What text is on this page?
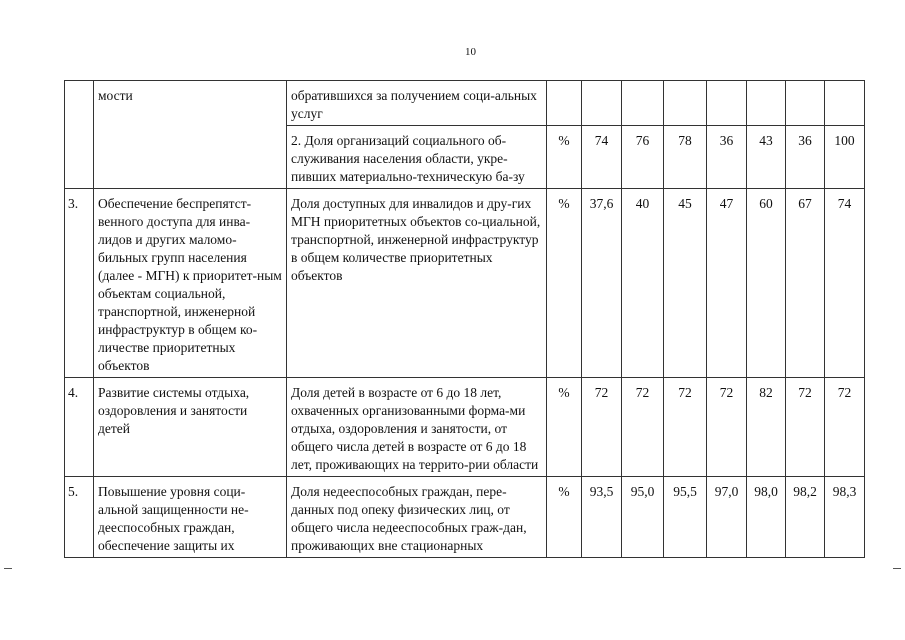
10
	мости	обратившихся за получением соци-альных услуг								
		2. Доля организаций социального об-служивания населения области, укре-пивших материально-техническую ба-зу	%	74	76	78	36	43	36	100
3.	Обеспечение беспрепятст-венного доступа для инва-лидов и других маломо-бильных групп населения (далее - МГН) к приоритет-ным объектам социальной, транспортной, инженерной инфраструктур в общем ко-личестве приоритетных объектов	Доля доступных для инвалидов и дру-гих МГН приоритетных объектов со-циальной, транспортной, инженерной инфраструктур в общем количестве приоритетных объектов	%	37,6	40	45	47	60	67	74
4.	Развитие системы отдыха, оздоровления и занятости детей	Доля детей в возрасте от 6 до 18 лет, охваченных организованными форма-ми отдыха, оздоровления и занятости, от общего числа детей в возрасте от 6 до 18 лет, проживающих на террито-рии области	%	72	72	72	72	82	72	72
5.	Повышение уровня соци-альной защищенности не-дееспособных граждан, обеспечение защиты их	Доля недееспособных граждан, пере-данных под опеку физических лиц, от общего числа недееспособных граж-дан, проживающих вне стационарных	%	93,5	95,0	95,5	97,0	98,0	98,2	98,3
